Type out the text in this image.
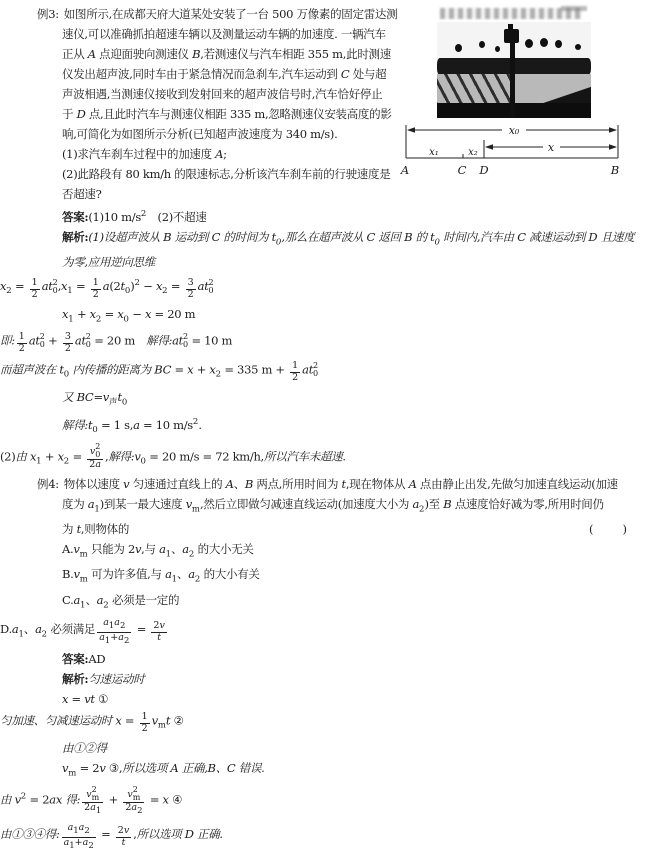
例3: 如图所示,在成都天府大道某处安装了一台 500 万像素的固定雷达测
速仪,可以准确抓拍超速车辆以及测量运动车辆的加速度. 一辆汽车
正从 A 点迎面驶向测速仪 B,若测速仪与汽车相距 355 m,此时测速
仪发出超声波,同时车由于紧急情况而急刹车,汽车运动到 C 处与超
声波相遇,当测速仪接收到发射回来的超声波信号时,汽车恰好停止
于 D 点,且此时汽车与测速仪相距 335 m,忽略测速仪安装高度的影
响,可简化为如图所示分析(已知超声波速度为 340 m/s).
(1)求汽车刹车过程中的加速度 A;
(2)此路段有 80 km/h 的限速标志,分析该汽车刹车前的行驶速度是
否超速?
答案:(1)10 $m/s^2$　(2)不超速
解析:(1)设超声波从 B 运动到 C 的时间为 $t_0$,那么在超声波从 C 返回 B 的 $t_0$ 时间内,汽车由 C 减速运动到 D 且速度
为零,应用逆向思维
$x_2 = \frac{1}{2}$ at 2
0 $,x_1 = \frac{1}{2} a(2t_0)^2 - x_2 = \frac{3}{2}$ at 2
0
$x_1 + x_2 = x_0 - x = 20$ m
即: $\frac{1}{2}$ at 2
$0 + \frac{3}{2}$ at 2
0 = 20 m　解得:at 2
0 = 10 m
而超声波在 $t_0$ 内传播的距离为 BC = $x + x_2 = 335$ $m + \frac{1}{2}$ at 2
0
又 $BC=v_声t_0$
解得$:t_0 = 1$ s,a = 10 $m/s^2$.
(2)由 $x_1 + x_2 = v$ 2
0
2a ,解得$:v_0 = 20$ m/s = 72 km/h,所以汽车未超速.
例4: 物体以速度 v 匀速通过直线上的 A、B 两点,所用时间为 t,现在物体从 A 点由静止出发,先做匀加速直线运动(加速
度为 $a_1$)到某一最大速度 $v_m$,然后立即做匀减速直线运动(加速度大小为 $a_2$)至 B 点速度恰好减为零,所用时间仍
为 t,则物体的	(　　)
$A.v_m$ 只能为 2v,与 $a_1$、$a_2$ 的大小无关
$B.v_m$ 可为许多值,与 $a_1$、$a_2$ 的大小有关
$C.a_1$、$a_2$ 必须是一定的
$D.a_1$、$a_2$ 必须满足 $\frac{a_1a_2}{a_1+a_2} = \frac{2v}{t}$
答案:AD
解析:匀速运动时
x = vt ①
匀加速、匀减速运动时 $x = \frac{1}{2} v_mt$ ②
由①②得
$v_m = 2v$ ③,所以选项 A 正确,B、C 错误.
由 $v^2 = 2ax$ 得: v 2
m
$2a_1 + v$ 2
m
$2a_2 = x$ ④
由①③④得: $\frac{a_1a_2}{a_1+a_2} = \frac{2v}{t}$ ,所以选项 D 正确.
x₀
x
x₁	x₂
A	C D	B
